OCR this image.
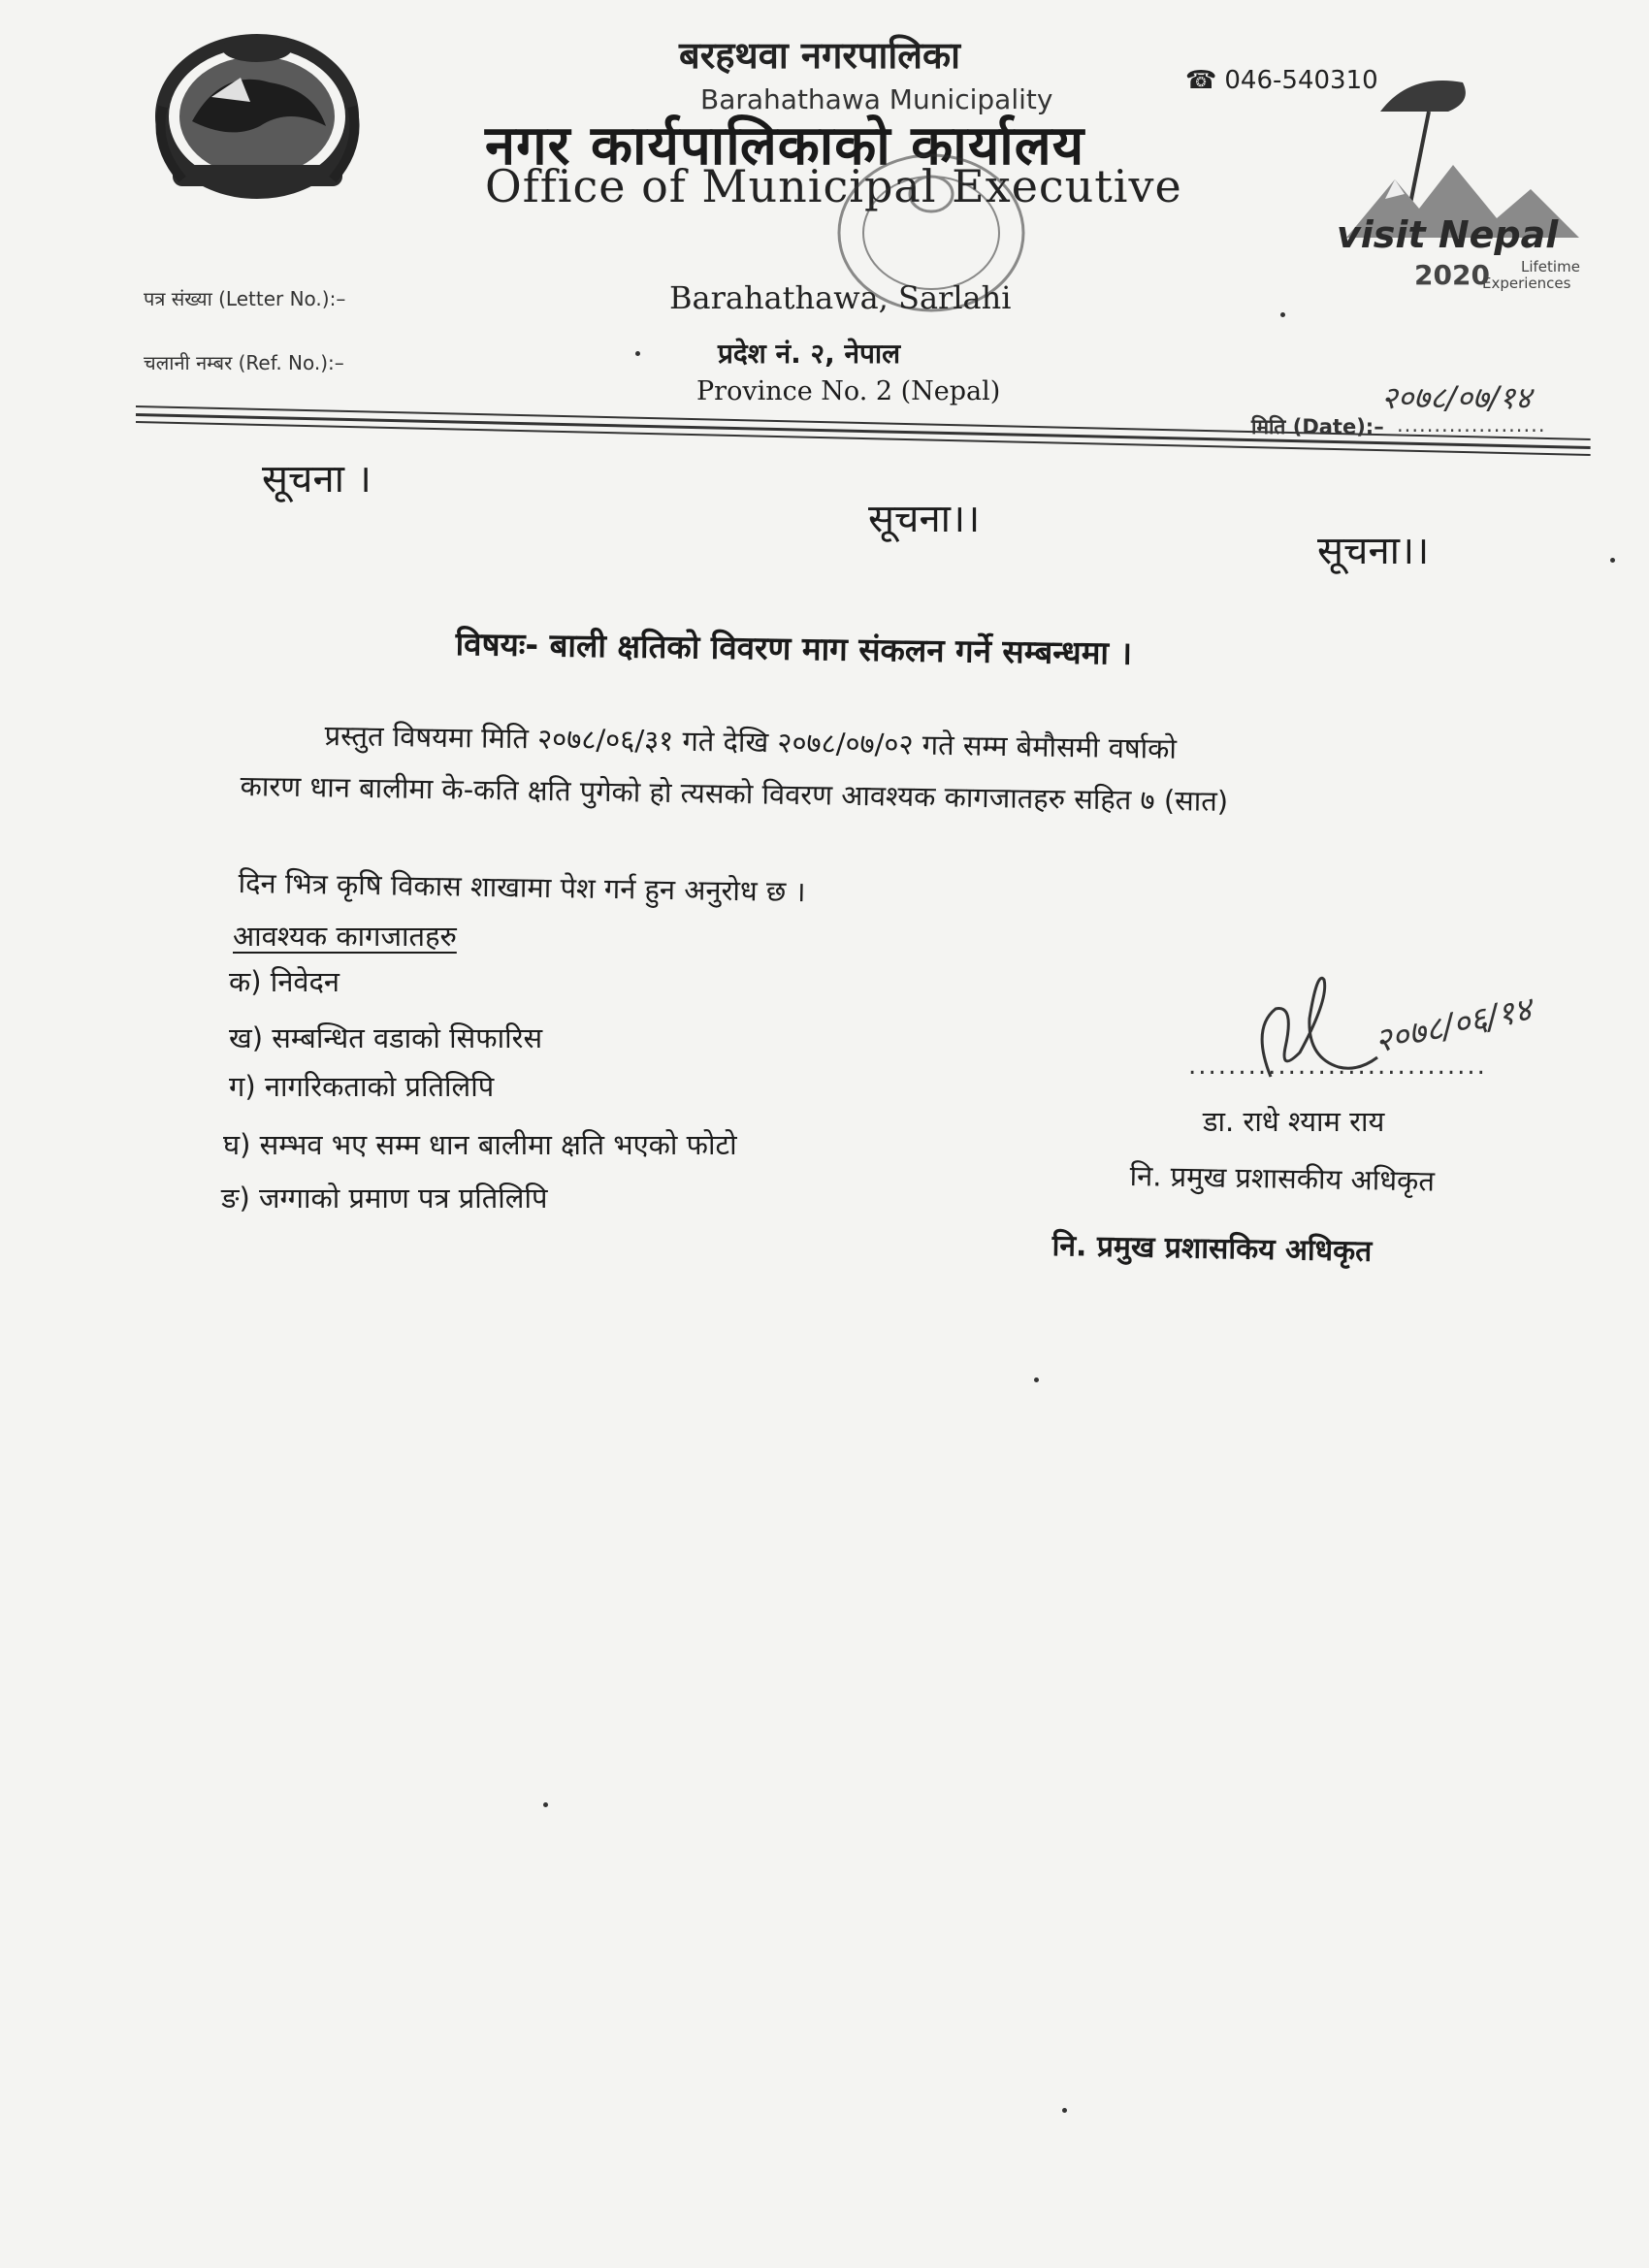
बरहथवा नगरपालिका
Barahathawa Municipality
☎ 046-540310
नगर कार्यपालिकाको कार्यालय
Office of Municipal Executive
Barahathawa, Sarlahi
प्रदेश नं. २, नेपाल
Province No. 2 (Nepal)
visit Nepal
2020 Lifetime
Experiences
पत्र संख्या (Letter No.):–
चलानी नम्बर (Ref. No.):–
२०७८/०७/१४
मिति (Date):– ....................
सूचना ।
सूचना।।
सूचना।।
विषयः- बाली क्षतिको विवरण माग संकलन गर्ने सम्बन्धमा ।
प्रस्तुत विषयमा मिति २०७८/०६/३१ गते देखि २०७८/०७/०२ गते सम्म बेमौसमी वर्षाको
कारण धान बालीमा के-कति क्षति पुगेको हो त्यसको विवरण आवश्यक कागजातहरु सहित ७ (सात)
दिन भित्र कृषि विकास शाखामा पेश गर्न हुन अनुरोध छ ।
आवश्यक कागजातहरु
क) निवेदन
ख) सम्बन्धित वडाको सिफारिस
ग) नागरिकताको प्रतिलिपि
घ) सम्भव भए सम्म धान बालीमा क्षति भएको फोटो
ङ) जग्गाको प्रमाण पत्र प्रतिलिपि
२०७८/०६/१४
..............................
डा. राधे श्याम राय
नि. प्रमुख प्रशासकीय अधिकृत
नि. प्रमुख प्रशासकिय अधिकृत
